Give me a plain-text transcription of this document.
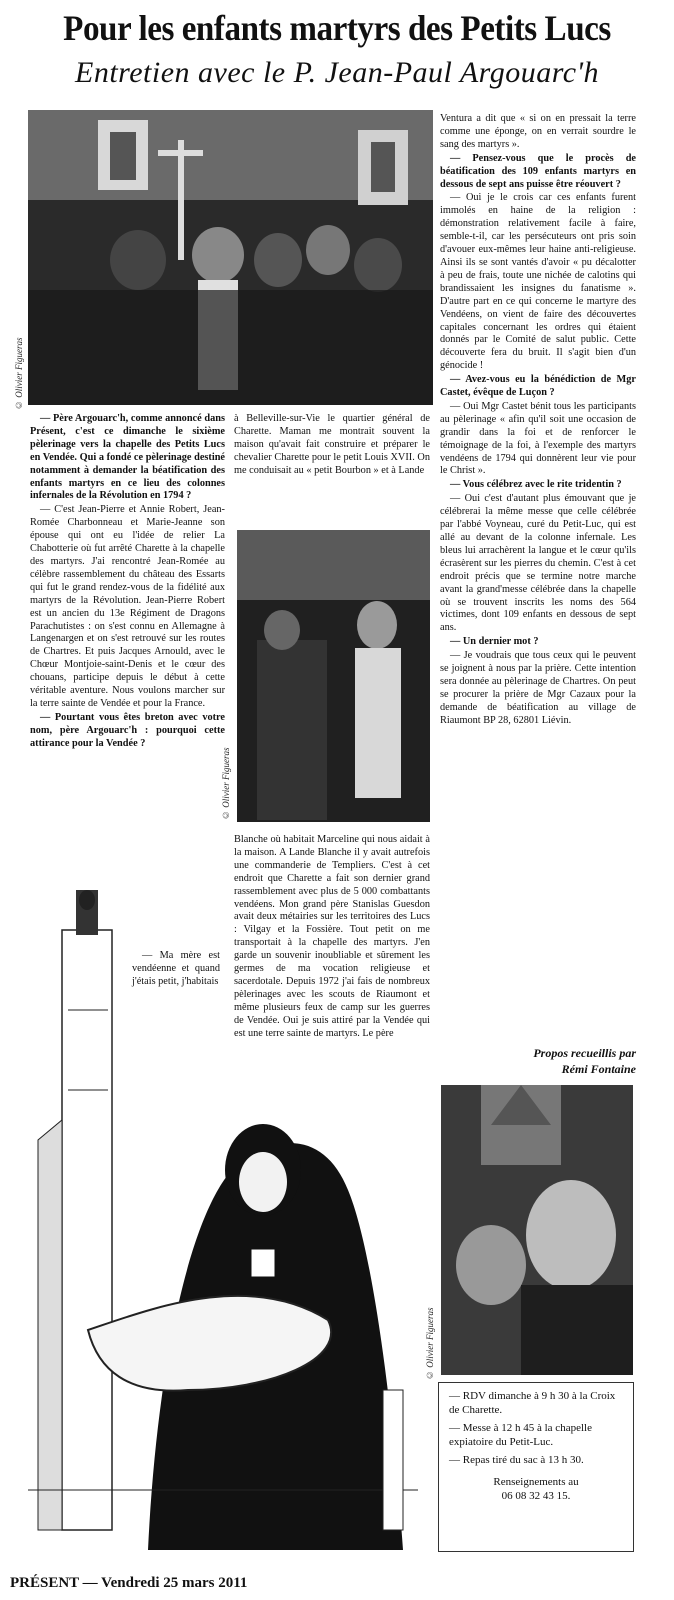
Pour les enfants martyrs des Petits Lucs
Entretien avec le P. Jean-Paul Argouarc'h
© Olivier Figueras

— Père Argouarc'h, comme annoncé dans Présent, c'est ce dimanche le sixième pèlerinage vers la chapelle des Petits Lucs en Vendée. Qui a fondé ce pèlerinage destiné notamment à demander la béatification des enfants martyrs en ce lieu des colonnes infernales de la Révolution en 1794 ?

— C'est Jean-Pierre et Annie Robert, Jean-Romée Charbonneau et Marie-Jeanne son épouse qui ont eu l'idée de relier La Chabotterie où fut arrêté Charette à la chapelle des martyrs. J'ai rencontré Jean-Romée au célèbre rassemblement du château des Essarts qui fut le grand rendez-vous de la fidélité aux martyrs de la Révolution. Jean-Pierre Robert est un ancien du 13e Régiment de Dragons Parachutistes : on s'est connu en Allemagne à Langenargen et on s'est retrouvé sur les routes de Chartres. Et puis Jacques Arnould, avec le Chœur Montjoie-saint-Denis et le cœur des chouans, participe depuis le début à cette véritable aventure. Nous voulons marcher sur la terre sainte de Vendée et pour la France.

— Pourtant vous êtes breton avec votre nom, père Argouarc'h : pourquoi cette attirance pour la Vendée ?

— Ma mère est vendéenne et quand j'étais petit, j'habitais

à Belleville-sur-Vie le quartier général de Charette. Maman me montrait souvent la maison qu'avait fait construire et préparer le chevalier Charette pour le petit Louis XVII. On me conduisait au « petit Bourbon » et à Lande

© Olivier Figueras

Blanche où habitait Marceline qui nous aidait à la maison. A Lande Blanche il y avait autrefois une commanderie de Templiers. C'est à cet endroit que Charette a fait son dernier grand rassemblement avec plus de 5 000 combattants vendéens. Mon grand père Stanislas Guesdon avait deux métairies sur les territoires des Lucs : Vilgay et la Fossière. Tout petit on me transportait à la chapelle des martyrs. J'en garde un souvenir inoubliable et sûrement les germes de ma vocation religieuse et sacerdotale. Depuis 1972 j'ai fais de nombreux pèlerinages avec les scouts de Riaumont et même plusieurs feux de camp sur les guerres de Vendée. Oui je suis attiré par la Vendée qui est une terre sainte de martyrs. Le père

Ventura a dit que « si on en pressait la terre comme une éponge, on en verrait sourdre le sang des martyrs ».

— Pensez-vous que le procès de béatification des 109 enfants martyrs en dessous de sept ans puisse être réouvert ?

— Oui je le crois car ces enfants furent immolés en haine de la religion : démonstration relativement facile à faire, semble-t-il, car les persécuteurs ont pris soin d'avouer eux-mêmes leur haine anti-religieuse. Ainsi ils se sont vantés d'avoir « pu décalotter à peu de frais, toute une nichée de calotins qui brandissaient les insignes du fanatisme ». D'autre part en ce qui concerne le martyre des Vendéens, on vient de faire des découvertes capitales concernant les ordres qui étaient donnés par le Comité de salut public. Cette découverte fera du bruit. Il s'agit bien d'un génocide !

— Avez-vous eu la bénédiction de Mgr Castet, évêque de Luçon ?

— Oui Mgr Castet bénit tous les participants au pèlerinage « afin qu'il soit une occasion de grandir dans la foi et de renforcer le témoignage de la foi, à l'exemple des martyrs vendéens de 1794 qui donnèrent leur vie pour le Christ ».

— Vous célébrez avec le rite tridentin ?

— Oui c'est d'autant plus émouvant que je célébrerai la même messe que celle célébrée par l'abbé Voyneau, curé du Petit-Luc, qui est allé au devant de la colonne infernale. Les bleus lui arrachèrent la langue et le cœur qu'ils écrasèrent sur les pierres du chemin. C'est à cet endroit précis que se termine notre marche avant la grand'messe célébrée dans la chapelle où se trouvent inscrits les noms des 564 victimes, dont 109 enfants en dessous de sept ans.

— Un dernier mot ?

— Je voudrais que tous ceux qui le peuvent se joignent à nous par la prière. Cette intention sera donnée au pèlerinage de Chartres. On peut se procurer la prière de Mgr Cazaux pour la demande de béatification au village de Riaumont BP 28, 62801 Liévin.

Propos recueillis par
Rémi Fontaine
© Olivier Figueras

— RDV dimanche à 9 h 30 à la Croix de Charette.

— Messe à 12 h 45 à la chapelle expiatoire du Petit-Luc.

— Repas tiré du sac à 13 h 30.

Renseignements au

06 08 32 43 15.

PRÉSENT — Vendredi 25 mars 2011
